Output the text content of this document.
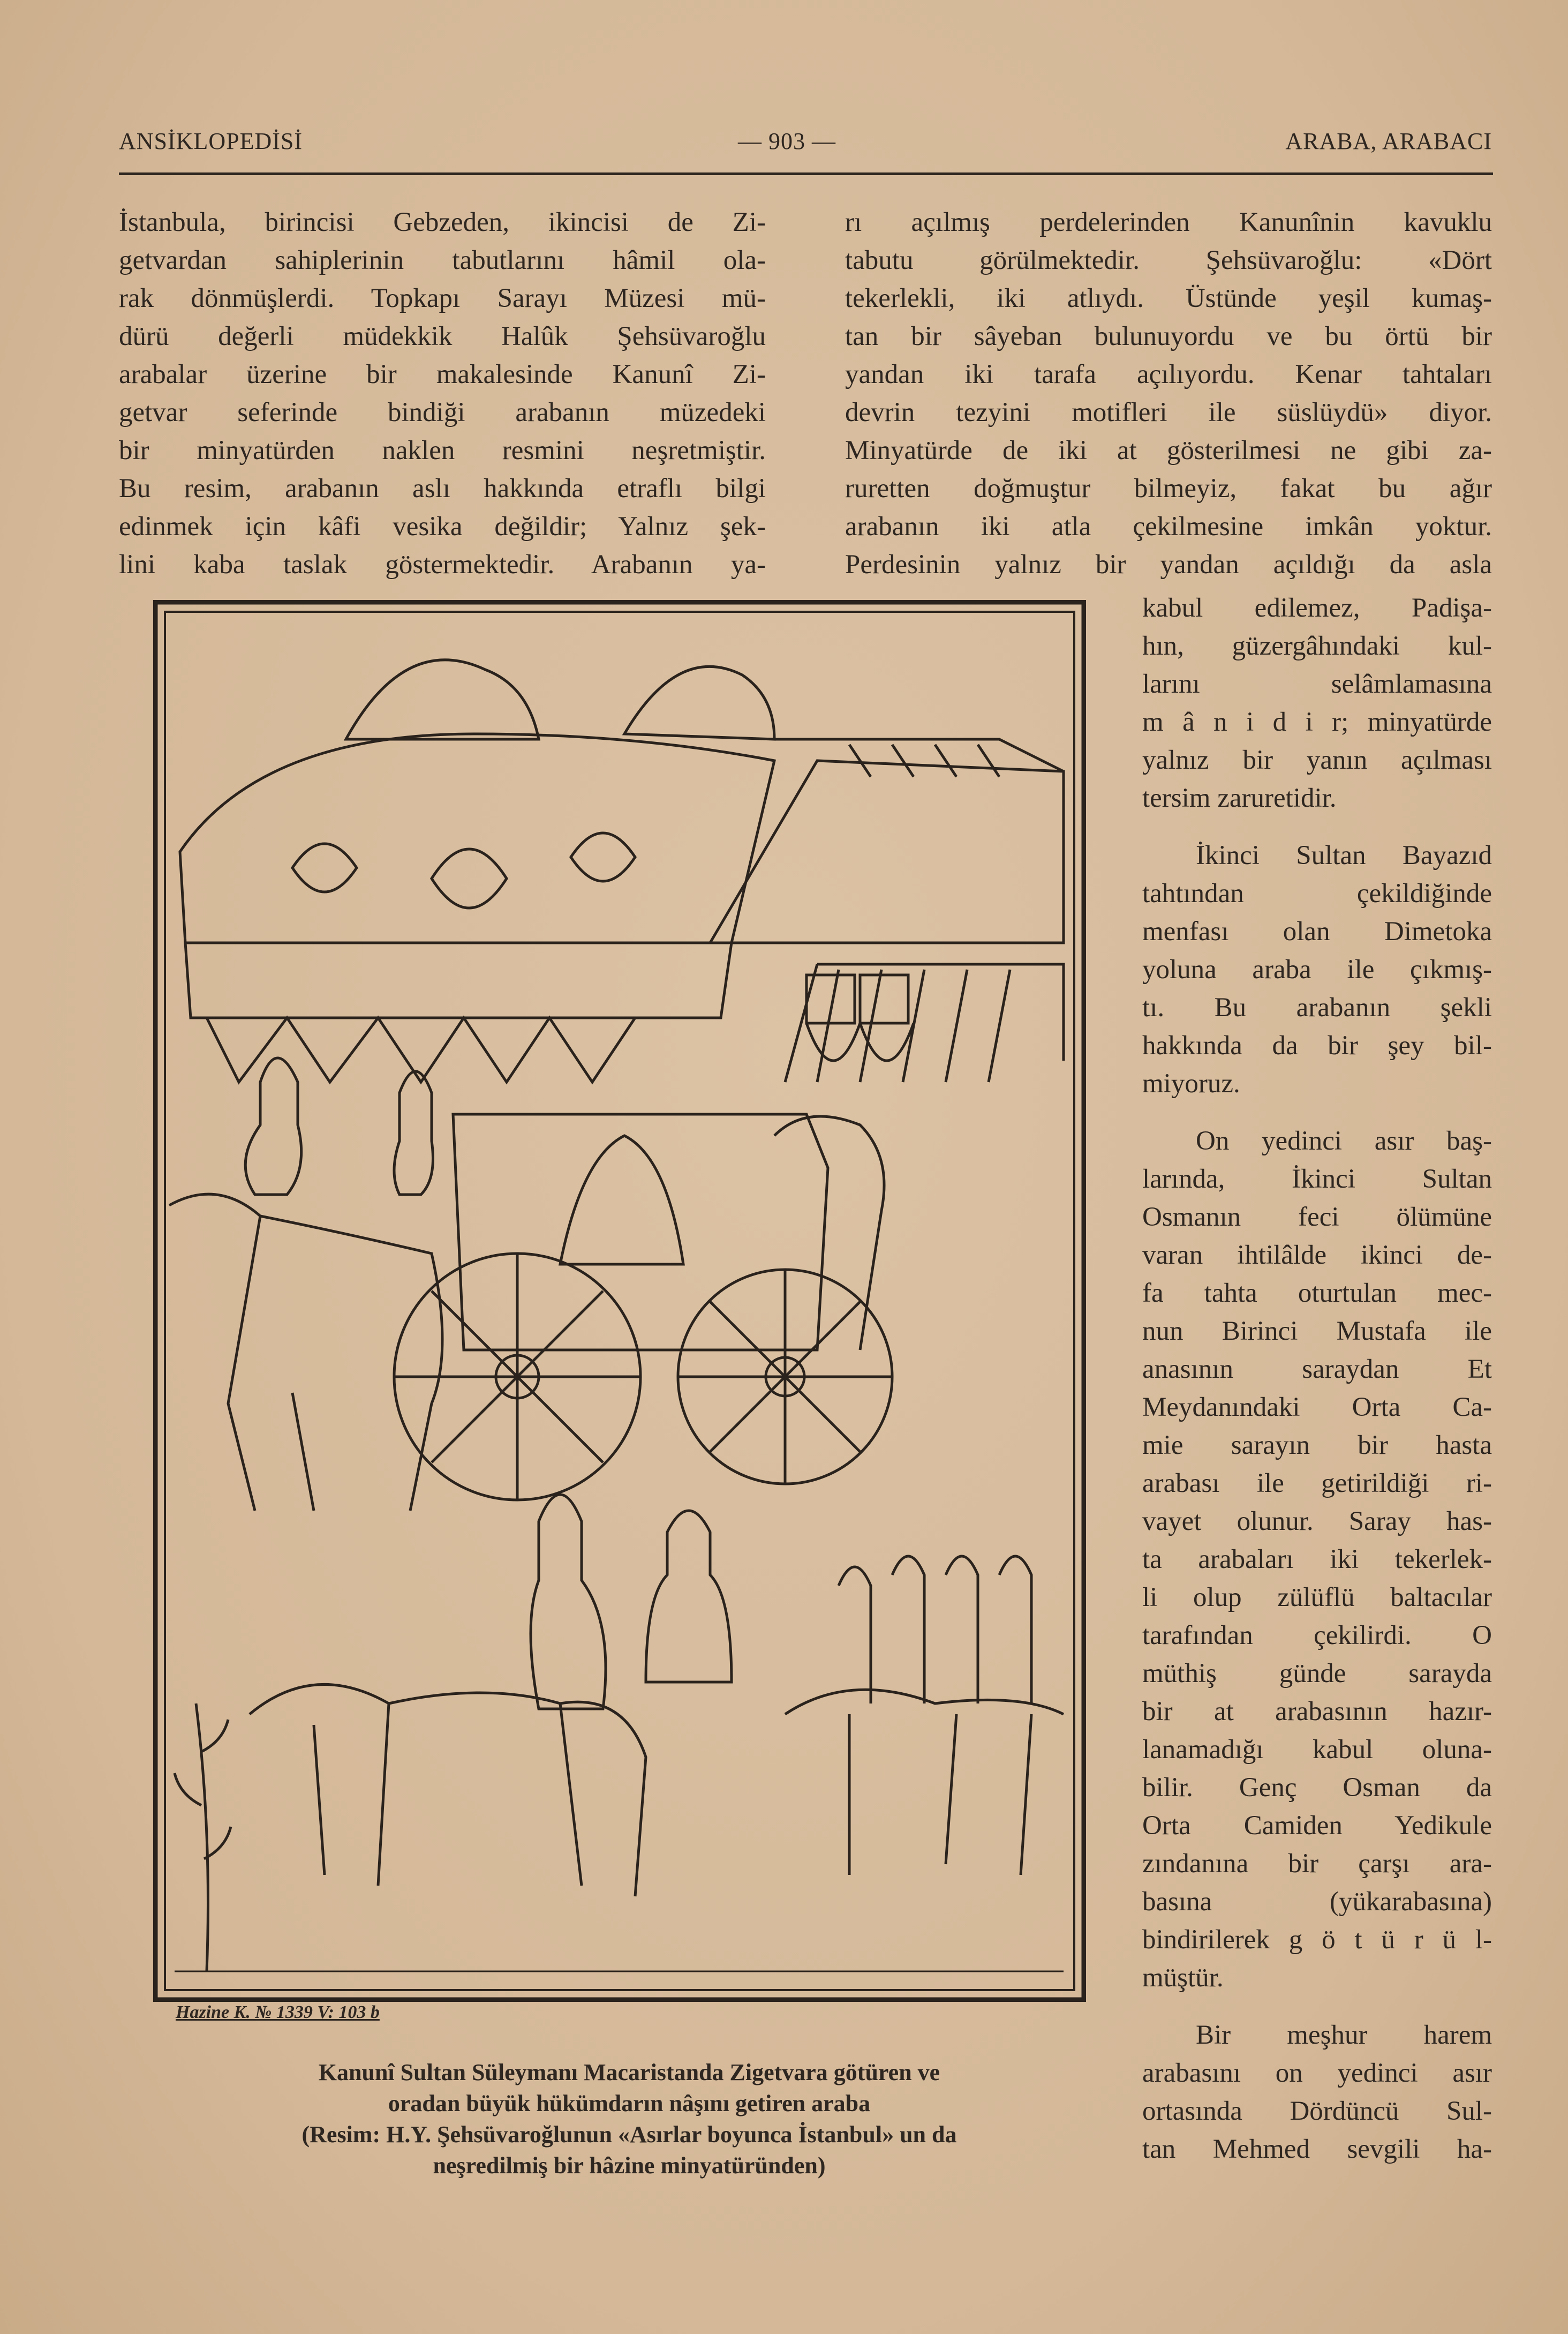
ANSİKLOPEDİSİ	— 903 —	ARABA, ARABACI
İstanbula, birincisi Gebzeden, ikincisi de Zi-
getvardan sahiplerinin tabutlarını hâmil ola-
rak dönmüşlerdi. Topkapı Sarayı Müzesi mü-
dürü değerli müdekkik Halûk Şehsüvaroğlu
arabalar üzerine bir makalesinde Kanunî Zi-
getvar seferinde bindiği arabanın müzedeki
bir minyatürden naklen resmini neşretmiştir.
Bu resim, arabanın aslı hakkında etraflı bilgi
edinmek için kâfi vesika değildir; Yalnız şek-
lini kaba taslak göstermektedir. Arabanın ya-
rı açılmış perdelerinden Kanunînin kavuklu
tabutu görülmektedir. Şehsüvaroğlu: «Dört
tekerlekli, iki atlıydı. Üstünde yeşil kumaş-
tan bir sâyeban bulunuyordu ve bu örtü bir
yandan iki tarafa açılıyordu. Kenar tahtaları
devrin tezyini motifleri ile süslüydü» diyor.
Minyatürde de iki at gösterilmesi ne gibi za-
ruretten doğmuştur bilmeyiz, fakat bu ağır
arabanın iki atla çekilmesine imkân yoktur.
Perdesinin yalnız bir yandan açıldığı da asla
kabul edilemez, Padişa-
hın, güzergâhındaki kul-
larını selâmlamasına
m â n i d i r; minyatürde
yalnız bir yanın açılması
tersim zaruretidir.
İkinci Sultan Bayazıd
tahtından çekildiğinde
menfası olan Dimetoka
yoluna araba ile çıkmış-
tı. Bu arabanın şekli
hakkında da bir şey bil-
miyoruz.
On yedinci asır baş-
larında, İkinci Sultan
Osmanın feci ölümüne
varan ihtilâlde ikinci de-
fa tahta oturtulan mec-
nun Birinci Mustafa ile
anasının saraydan Et
Meydanındaki Orta Ca-
mie sarayın bir hasta
arabası ile getirildiği ri-
vayet olunur. Saray has-
ta arabaları iki tekerlek-
li olup zülüflü baltacılar
tarafından çekilirdi. O
müthiş günde sarayda
bir at arabasının hazır-
lanamadığı kabul oluna-
bilir. Genç Osman da
Orta Camiden Yedikule
zındanına bir çarşı ara-
basına (yükarabasına)
bindirilerek g ö t ü r ü l-
müştür.
Bir meşhur harem
arabasını on yedinci asır
ortasında Dördüncü Sul-
tan Mehmed sevgili ha-
Hazine K. № 1339 V: 103 b
Kanunî Sultan Süleymanı Macaristanda Zigetvara götüren ve
oradan büyük hükümdarın nâşını getiren araba
(Resim: H.Y. Şehsüvaroğlunun «Asırlar boyunca İstanbul» un da
neşredilmiş bir hâzine minyatüründen)
